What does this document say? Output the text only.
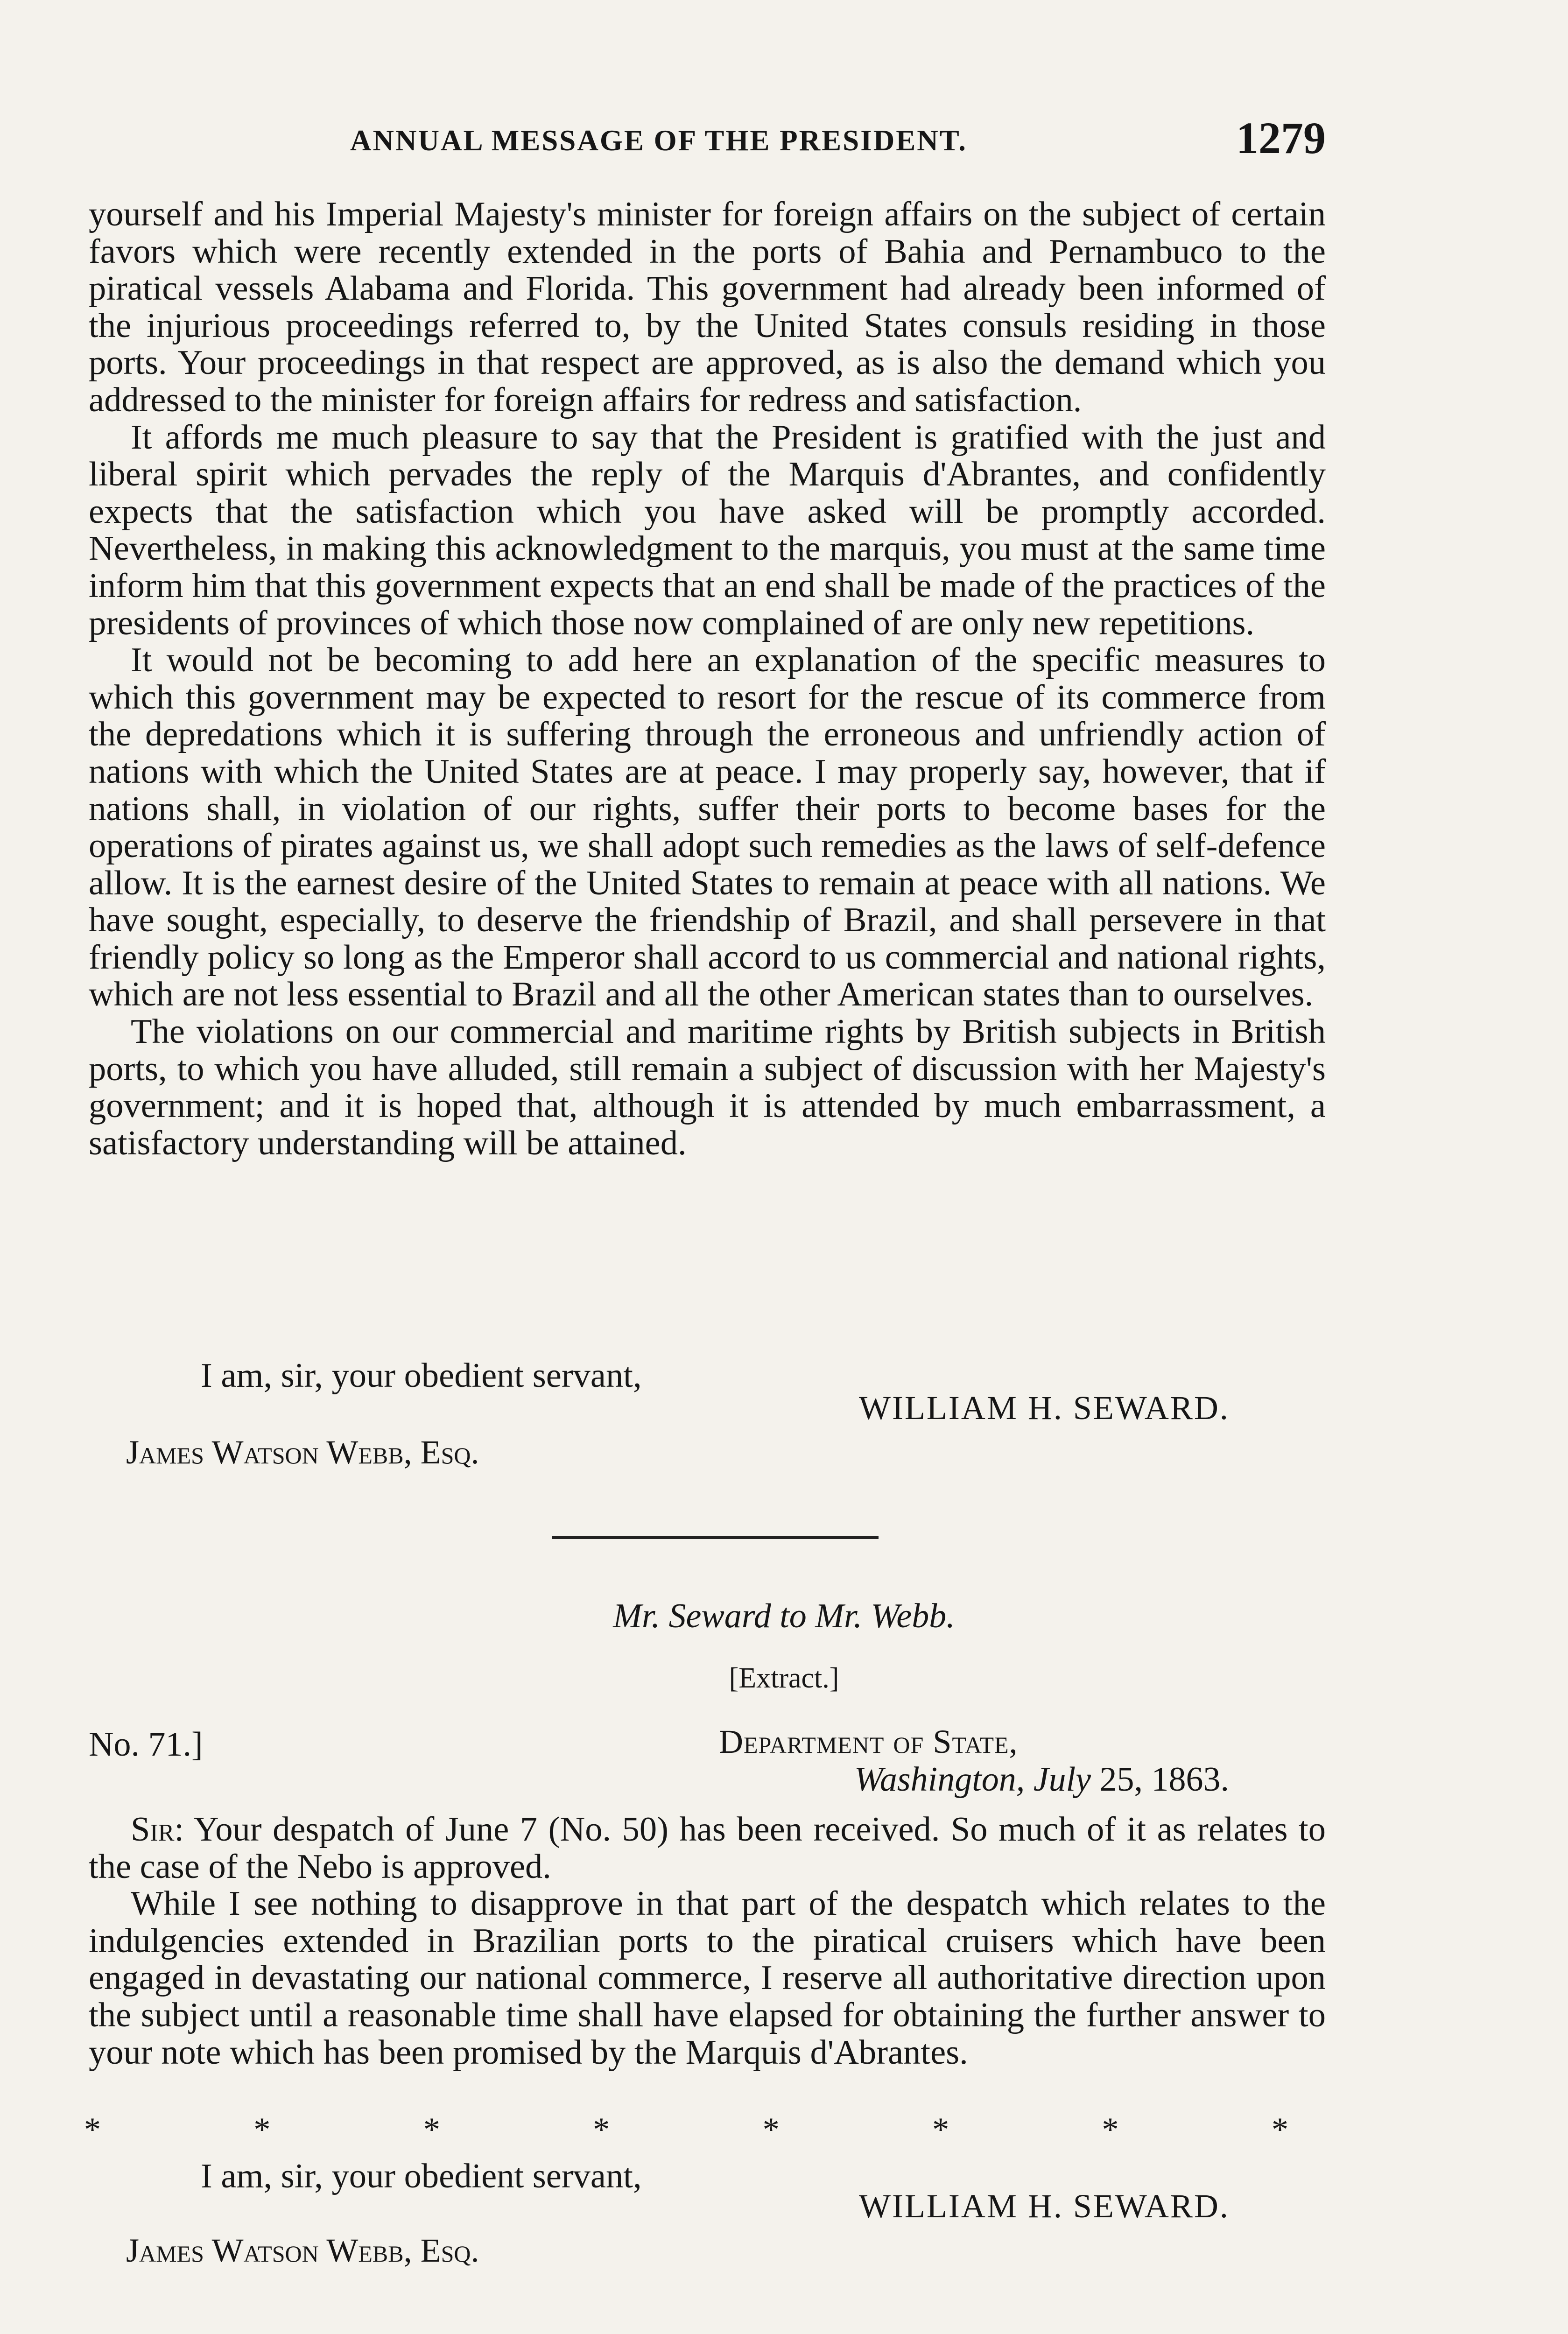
ANNUAL MESSAGE OF THE PRESIDENT.	1279

yourself and his Imperial Majesty's minister for foreign affairs on the subject of certain favors which were recently extended in the ports of Bahia and Pernambuco to the piratical vessels Alabama and Florida. This government had already been informed of the injurious proceedings referred to, by the United States consuls residing in those ports. Your proceedings in that respect are approved, as is also the demand which you addressed to the minister for foreign affairs for redress and satisfaction.

It affords me much pleasure to say that the President is gratified with the just and liberal spirit which pervades the reply of the Marquis d'Abrantes, and confidently expects that the satisfaction which you have asked will be promptly accorded. Nevertheless, in making this acknowledgment to the marquis, you must at the same time inform him that this government expects that an end shall be made of the practices of the presidents of provinces of which those now complained of are only new repetitions.

It would not be becoming to add here an explanation of the specific measures to which this government may be expected to resort for the rescue of its commerce from the depredations which it is suffering through the erroneous and unfriendly action of nations with which the United States are at peace. I may properly say, however, that if nations shall, in violation of our rights, suffer their ports to become bases for the operations of pirates against us, we shall adopt such remedies as the laws of self-defence allow. It is the earnest desire of the United States to remain at peace with all nations. We have sought, especially, to deserve the friendship of Brazil, and shall persevere in that friendly policy so long as the Emperor shall accord to us commercial and national rights, which are not less essential to Brazil and all the other American states than to ourselves.

The violations on our commercial and maritime rights by British subjects in British ports, to which you have alluded, still remain a subject of discussion with her Majesty's government; and it is hoped that, although it is attended by much embarrassment, a satisfactory understanding will be attained.

I am, sir, your obedient servant,
WILLIAM H. SEWARD.
James Watson Webb, Esq.
Mr. Seward to Mr. Webb.
[Extract.]
No. 71.]	Department of State,
Washington, July 25, 1863.

Sir: Your despatch of June 7 (No. 50) has been received. So much of it as relates to the case of the Nebo is approved.

While I see nothing to disapprove in that part of the despatch which relates to the indulgencies extended in Brazilian ports to the piratical cruisers which have been engaged in devastating our national commerce, I reserve all authoritative direction upon the subject until a reasonable time shall have elapsed for obtaining the further answer to your note which has been promised by the Marquis d'Abrantes.

*	*	*	*	*	*	*	*
I am, sir, your obedient servant,
WILLIAM H. SEWARD.
James Watson Webb, Esq.
